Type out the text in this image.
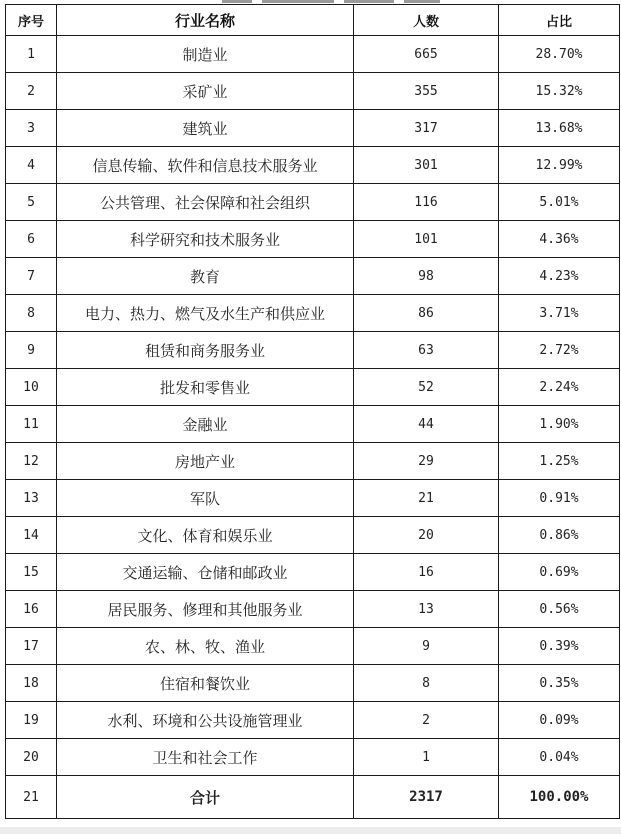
序号	行业名称	人数	占比
1	制造业	665	28.70%
2	采矿业	355	15.32%
3	建筑业	317	13.68%
4	信息传输、软件和信息技术服务业	301	12.99%
5	公共管理、社会保障和社会组织	116	5.01%
6	科学研究和技术服务业	101	4.36%
7	教育	98	4.23%
8	电力、热力、燃气及水生产和供应业	86	3.71%
9	租赁和商务服务业	63	2.72%
10	批发和零售业	52	2.24%
11	金融业	44	1.90%
12	房地产业	29	1.25%
13	军队	21	0.91%
14	文化、体育和娱乐业	20	0.86%
15	交通运输、仓储和邮政业	16	0.69%
16	居民服务、修理和其他服务业	13	0.56%
17	农、林、牧、渔业	9	0.39%
18	住宿和餐饮业	8	0.35%
19	水利、环境和公共设施管理业	2	0.09%
20	卫生和社会工作	1	0.04%
21	合计	2317	100.00%
